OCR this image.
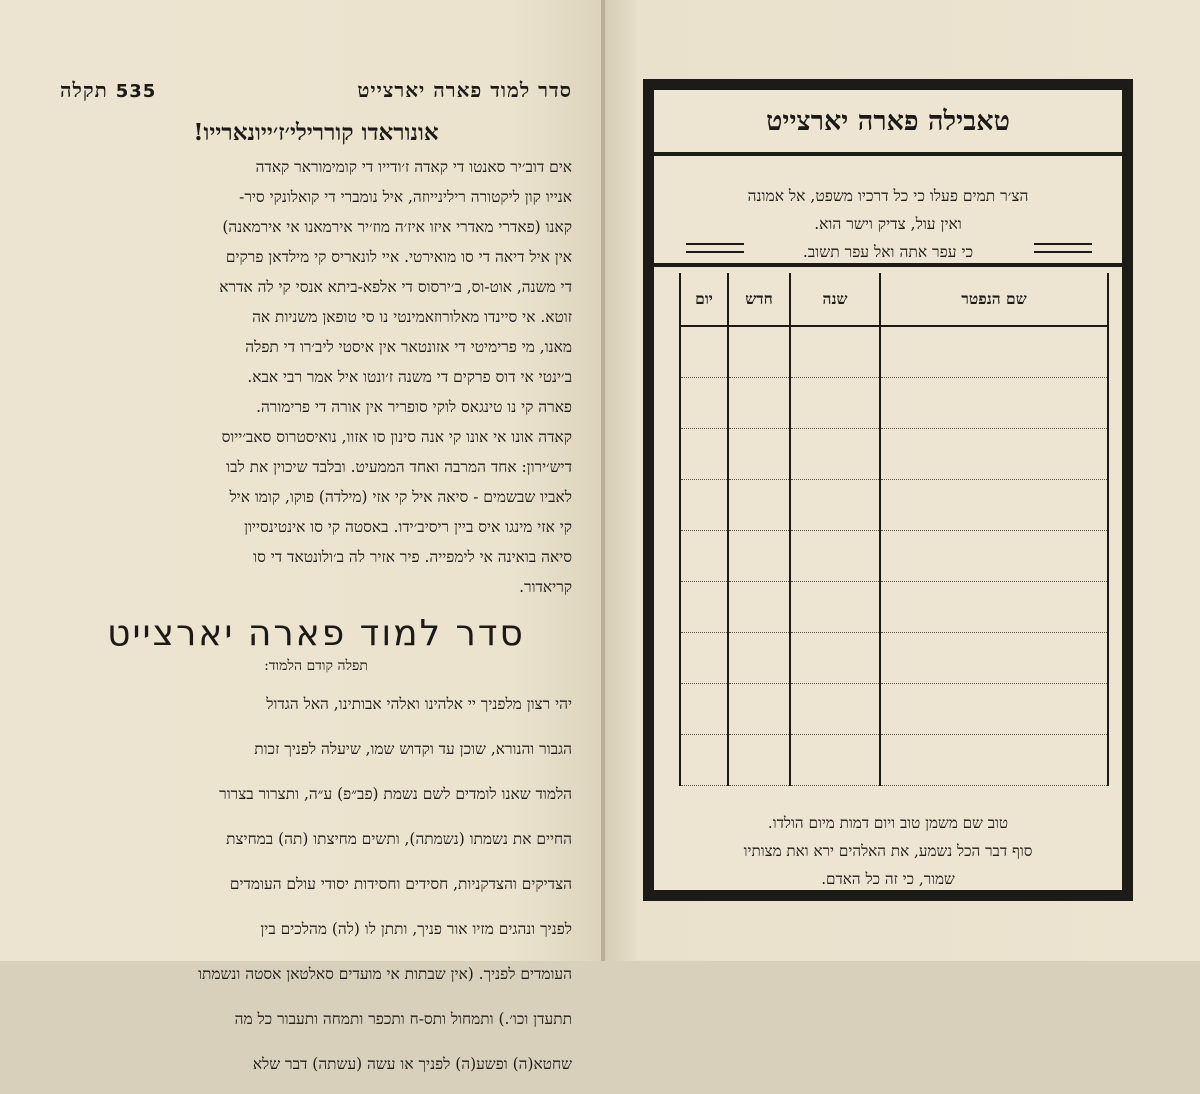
סדר למוד פארה יארצייט
535 תקלה
אונוראדו קוררילי׳ז׳ייונארייו!

אים דוב׳יר סאנטו די קאדה ז׳ודייו די קומימוראר קאדה

אנייו קון ליקטורה רילינייוזה, איל נומברי די קואלונקי סיר-

קאנו (פאדרי מאדרי איזו איז׳ה מוז׳יר אירמאנו אי אירמאנה)

אין איל דיאה די סו מואירטי. איי לונאריס קי מילדאן פרקים

די משנה, אוט-וס, ב׳ירסוס די אלפא-ביתא אנסי קי לה אדרא

זוטא. אי סיינדו מאלורוזאמינטי נו סי טופאן משניות אה

מאנו, מי פרימיטי די אזונטאר אין איסטי ליב׳רו די תפלה

ב׳ינטי אי דוס פרקים די משנה ז׳ונטו איל אמר רבי אבא.

פארה קי נו טינגאס לוקי סופריר אין אורה די פרימורה.

קאדה אונו אי אונו קי אנה סינון סו אזוו, נואיסטרוס סאב׳ייוס

דיש׳ירון: אחד המרבה ואחד הממעיט. ובלבד שיכוין את לבו

לאביו שבשמים - סיאה איל קי אזי (מילדה) פוקו, קומו איל

קי אזי מינגו איס ביין ריסיב׳ידו. באסטה קי סו אינטינסייון

סיאה בואינה אי לימפייה. פיר אזיר לה ב׳ולונטאד די סו

קריאדור.

סדר למוד פארה יארצייט
תפלה קודם הלמוד:

יהי רצון מלפניך יי אלהינו ואלהי אבותינו, האל הגדול

הגבור והנורא, שוכן עד וקדוש שמו, שיעלה לפניך זכות

הלמוד שאנו לומדים לשם נשמת (פב״פ) ע״ה, ותצרור בצרור

החיים את נשמתו (נשמתה), ותשים מחיצתו (תה) במחיצת

הצדיקים והצדקניות, חסידים וחסידות יסודי עולם העומדים

לפניך ונהגים מזיו אור פניך, ותתן לו (לה) מהלכים בין

העומדים לפניך. (אין שבתות אי מועדים סאלטאן אסטה ונשמתו

תתעדן וכו׳.) ותמחול ותס-ח ותכפר ותמחה ותעבור כל מה

שחטא(ה) ופשע(ה) לפניך או עשה (עשתה) דבר שלא

טאבילה פארה יארצייט
הצ׳ר תמים פעלו כי כל דרכיו משפט, אל אמונה
ואין עול, צדיק וישר הוא.
כי עפר אתה ואל עפר תשוב.
שם הנפטר	שנה	חדש	יום

טוב שם משמן טוב ויום דמות מיום הולדו.
סוף דבר הכל נשמע, את האלהים ירא ואת מצותיו
שמור, כי זה כל האדם.
